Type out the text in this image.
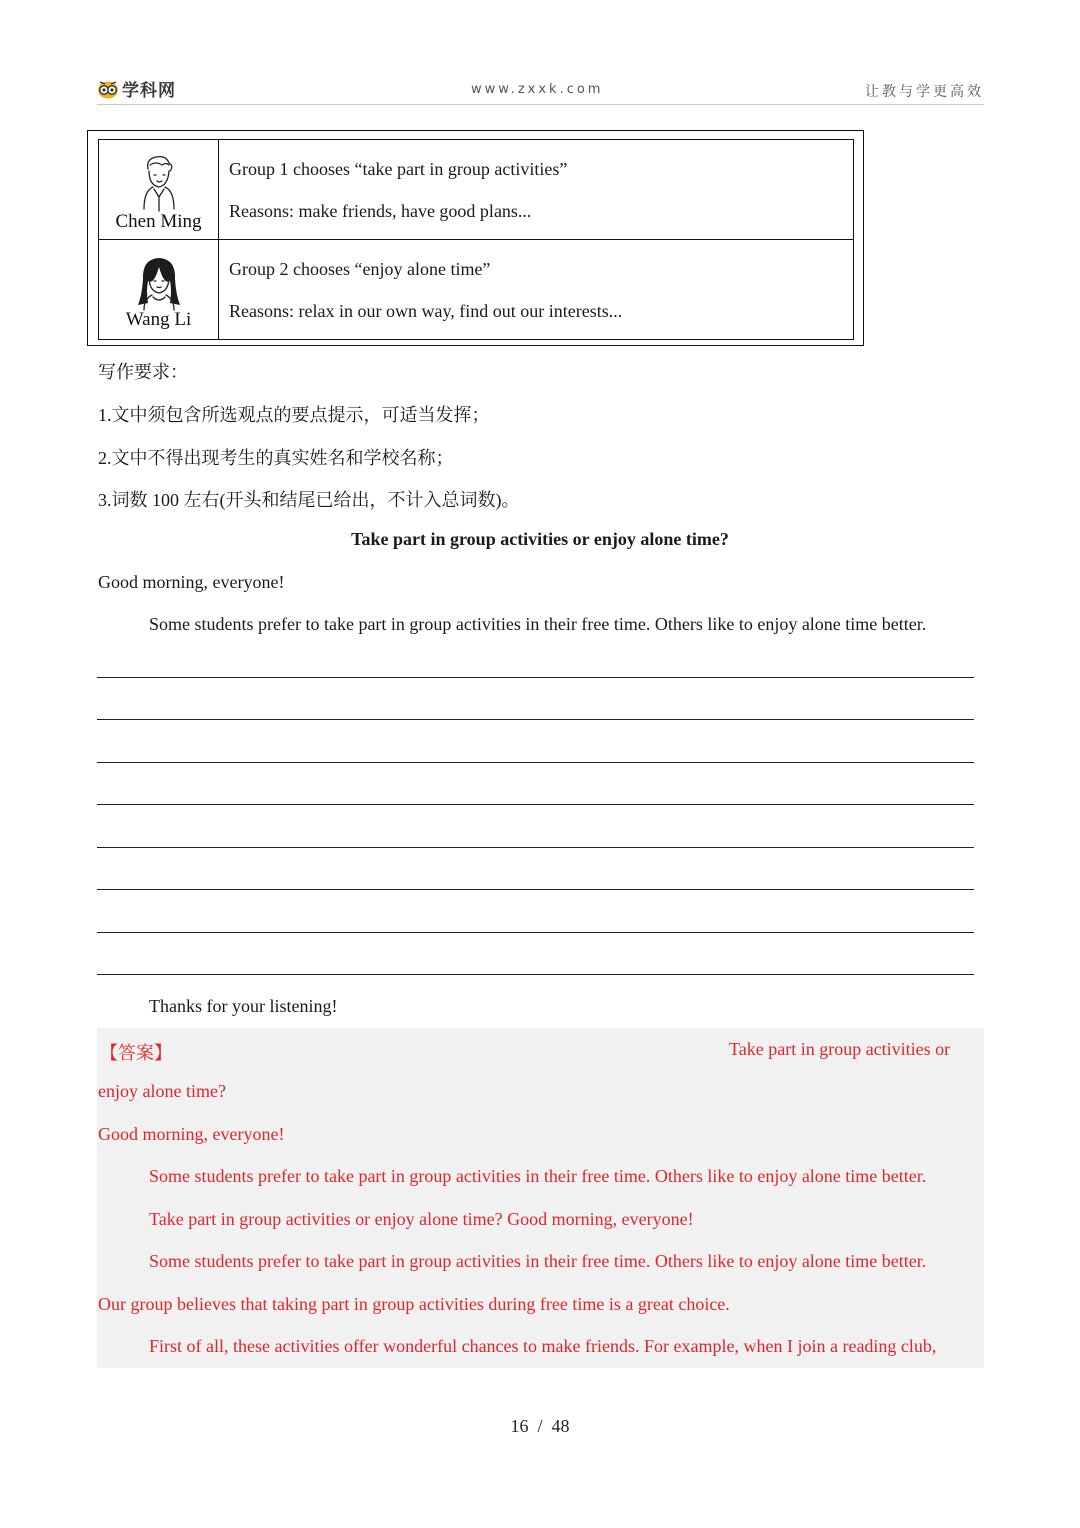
学科网	www.zxxk.com	让教与学更高效
Chen Ming	Group 1 chooses “take part in group activities”

Reasons: make friends, have good plans...

Wang Li	Group 2 chooses “enjoy alone time”

Reasons: relax in our own way, find out our interests...

写作要求：
1.文中须包含所选观点的要点提示，可适当发挥；
2.文中不得出现考生的真实姓名和学校名称；
3.词数 100 左右(开头和结尾已给出，不计入总词数)。
Take part in group activities or enjoy alone time?
Good morning, everyone!
Some students prefer to take part in group activities in their free time. Others like to enjoy alone time better.
Thanks for your listening!
【答案】	Take part in group activities or
enjoy alone time?
Good morning, everyone!
Some students prefer to take part in group activities in their free time. Others like to enjoy alone time better.
Take part in group activities or enjoy alone time? Good morning, everyone!
Some students prefer to take part in group activities in their free time. Others like to enjoy alone time better.
Our group believes that taking part in group activities during free time is a great choice.
First of all, these activities offer wonderful chances to make friends. For example, when I join a reading club,
16  /  48
